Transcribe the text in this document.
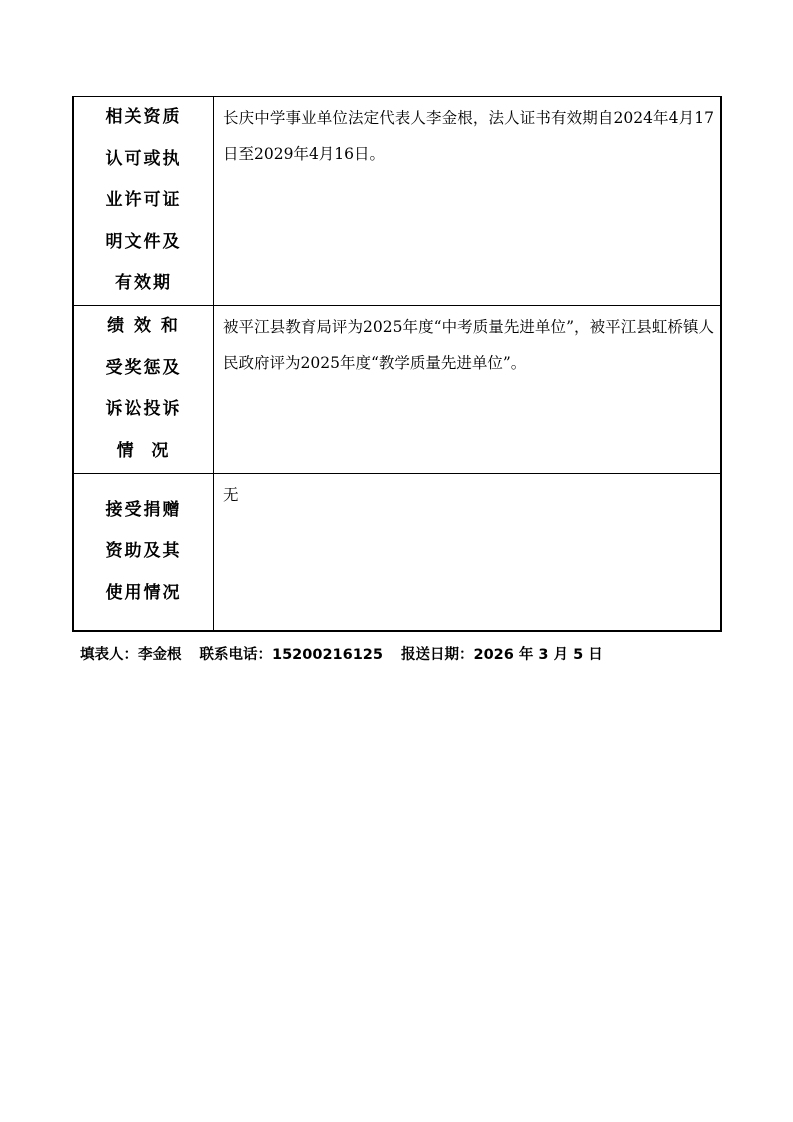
相关资质
认可或执
业许可证
明文件及
有效期	长庆中学事业单位法定代表人李金根，法人证书有效期自2024年4月17日至2029年4月16日。

绩 效 和
受奖惩及
诉讼投诉
情  况	被平江县教育局评为2025年度“中考质量先进单位”，被平江县虹桥镇人民政府评为2025年度“教学质量先进单位”。

接受捐赠
资助及其
使用情况	无
填表人：李金根 联系电话：15200216125 报送日期：2026 年 3 月 5 日
